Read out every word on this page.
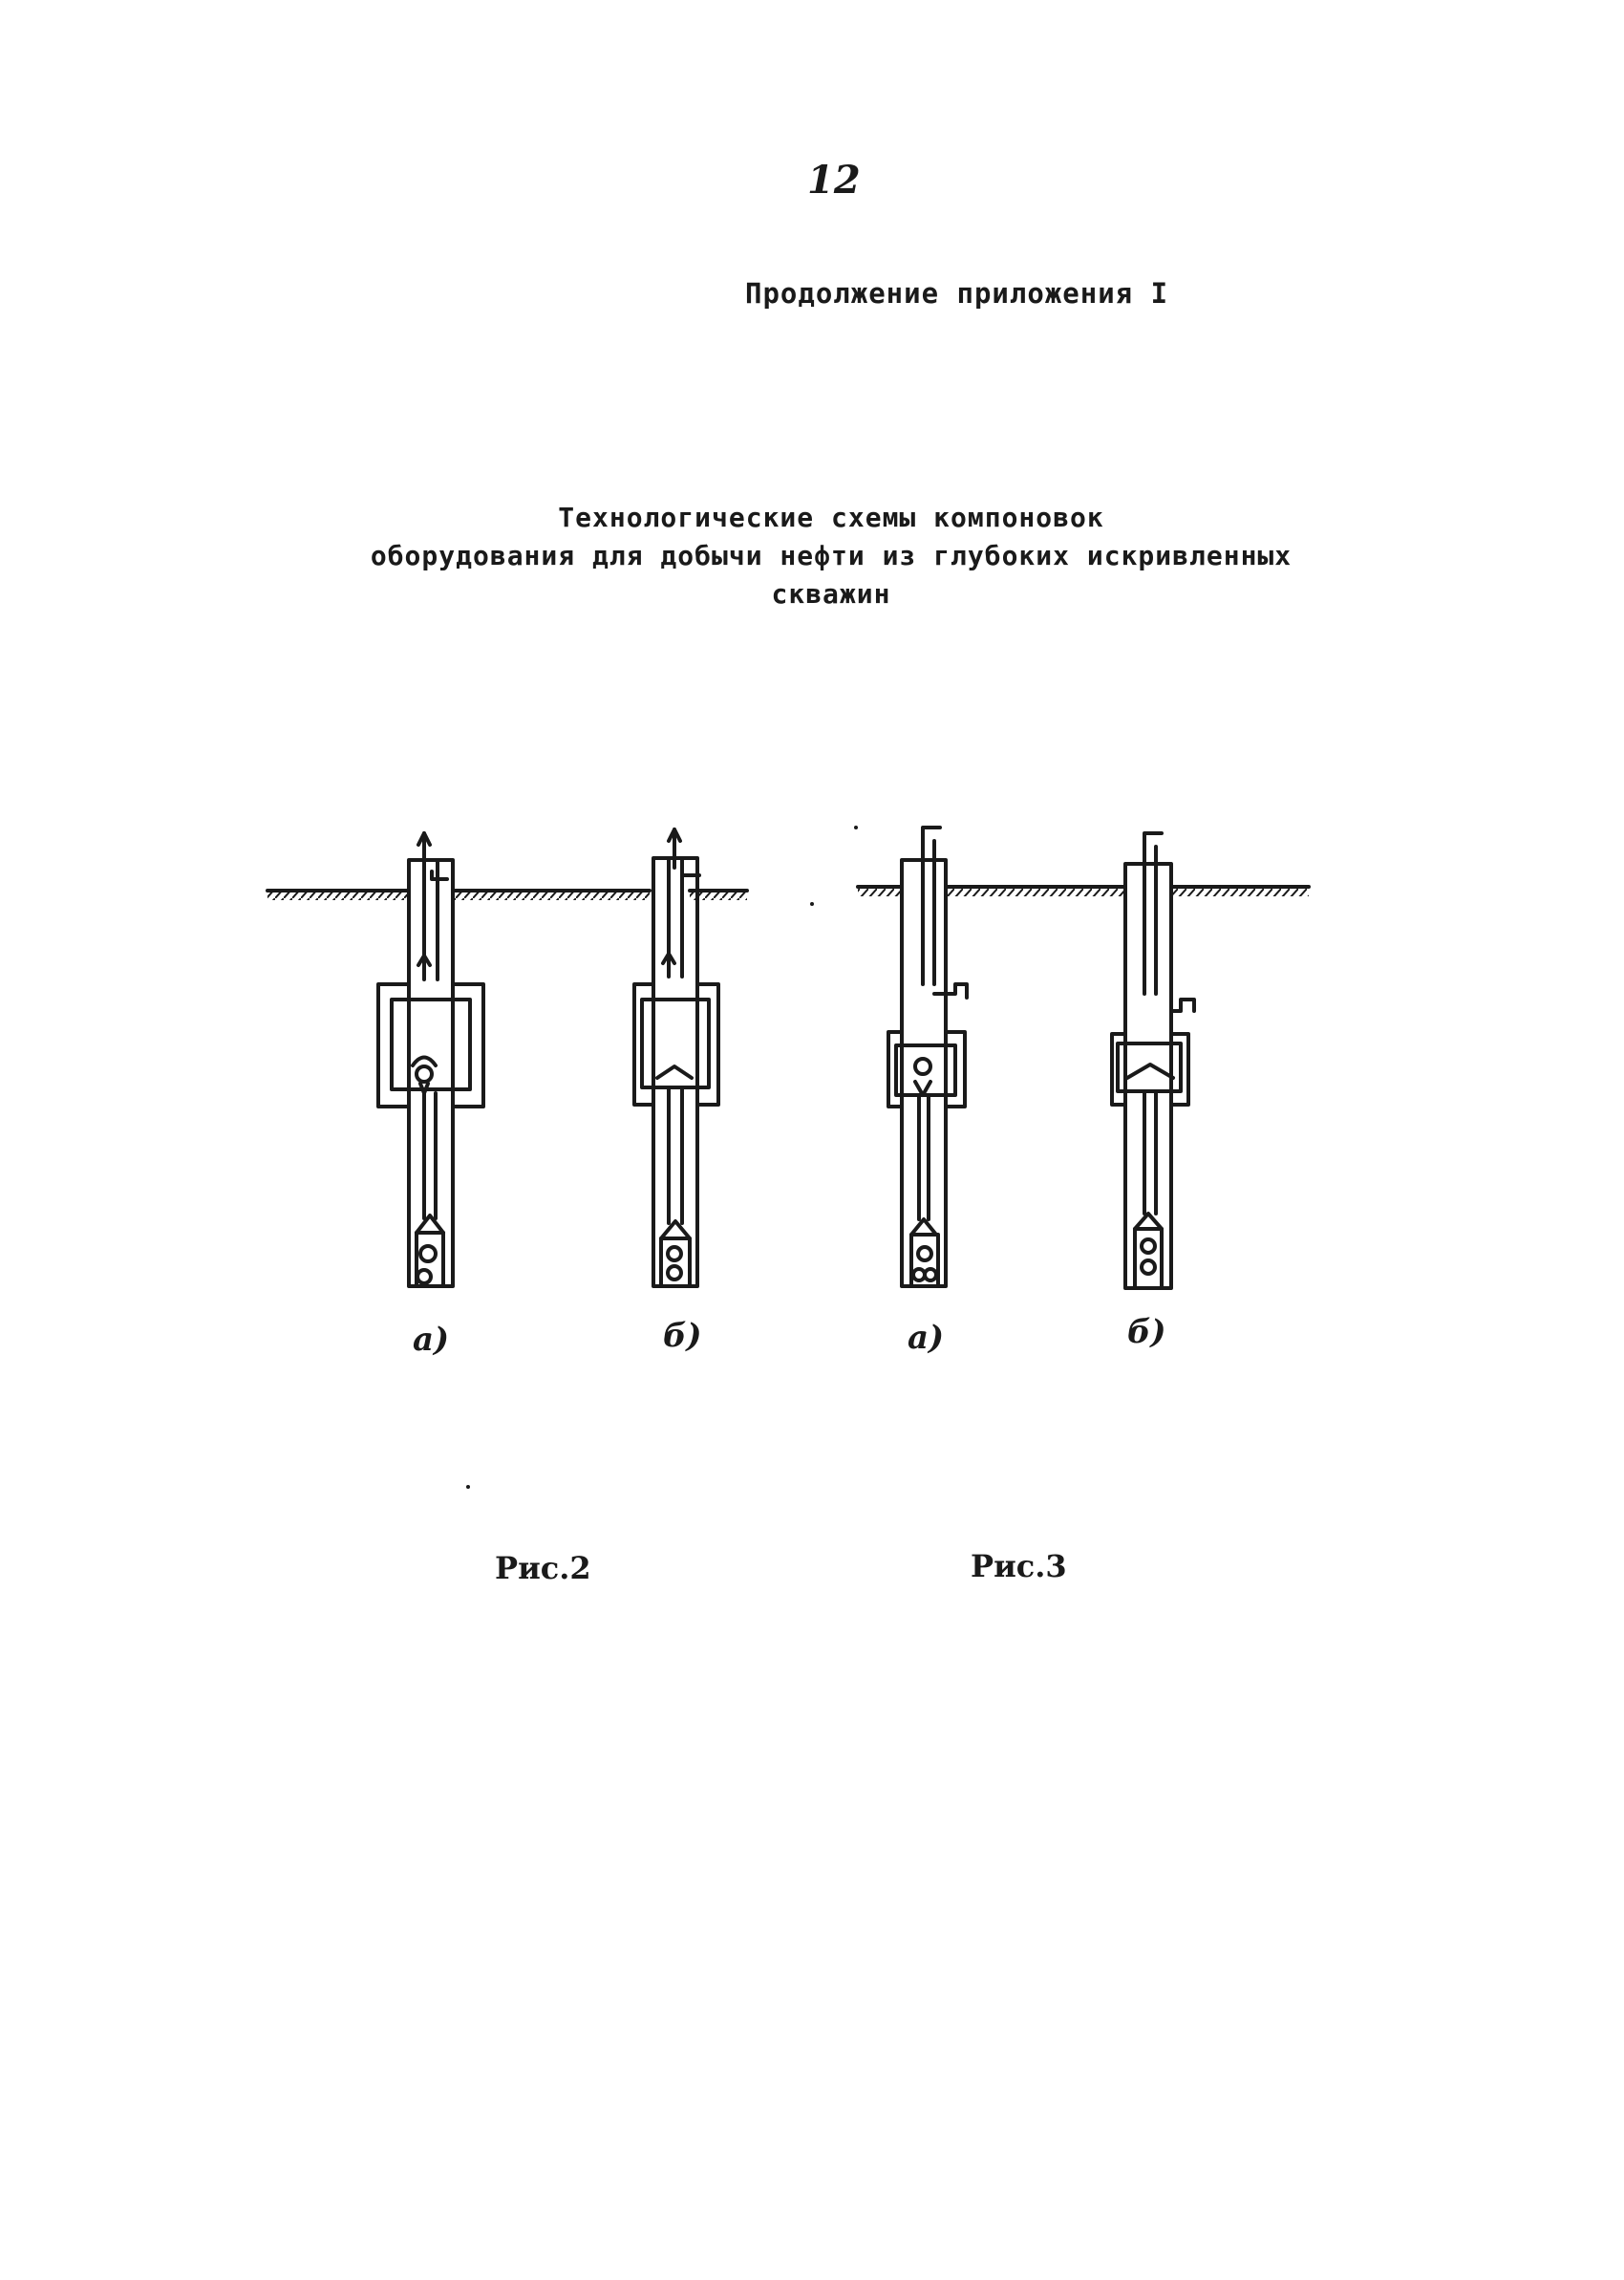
12
Продолжение приложения I
Технологические схемы компоновок
оборудования для добычи нефти из глубоких искривленных
скважин
а)	б)	а)	б)
Рис.2	Рис.3
